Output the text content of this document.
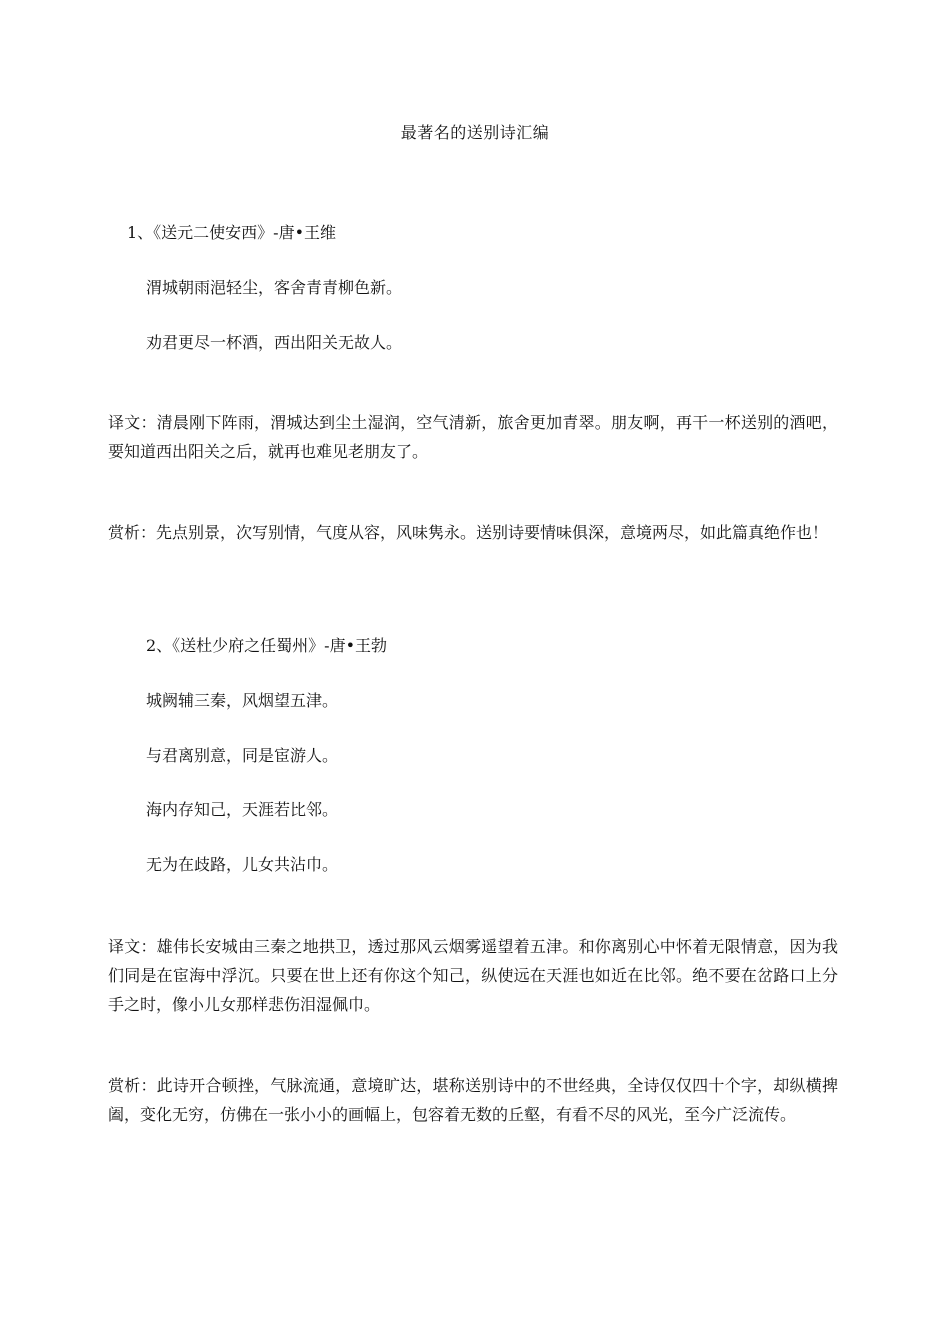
最著名的送别诗汇编
1、《送元二使安西》-唐•王维
渭城朝雨浥轻尘，客舍青青柳色新。
劝君更尽一杯酒，西出阳关无故人。
译文：清晨刚下阵雨，渭城达到尘土湿润，空气清新，旅舍更加青翠。朋友啊，再干一杯送别的酒吧，要知道西出阳关之后，就再也难见老朋友了。
赏析：先点别景，次写别情，气度从容，风味隽永。送别诗要情味俱深，意境两尽，如此篇真绝作也！
2、《送杜少府之任蜀州》-唐•王勃
城阙辅三秦，风烟望五津。
与君离别意，同是宦游人。
海内存知己，天涯若比邻。
无为在歧路，儿女共沾巾。
译文：雄伟长安城由三秦之地拱卫，透过那风云烟雾遥望着五津。和你离别心中怀着无限情意，因为我们同是在宦海中浮沉。只要在世上还有你这个知己，纵使远在天涯也如近在比邻。绝不要在岔路口上分手之时，像小儿女那样悲伤泪湿佩巾。
赏析：此诗开合顿挫，气脉流通，意境旷达，堪称送别诗中的不世经典，全诗仅仅四十个字，却纵横捭阖，变化无穷，仿佛在一张小小的画幅上，包容着无数的丘壑，有看不尽的风光，至今广泛流传。
